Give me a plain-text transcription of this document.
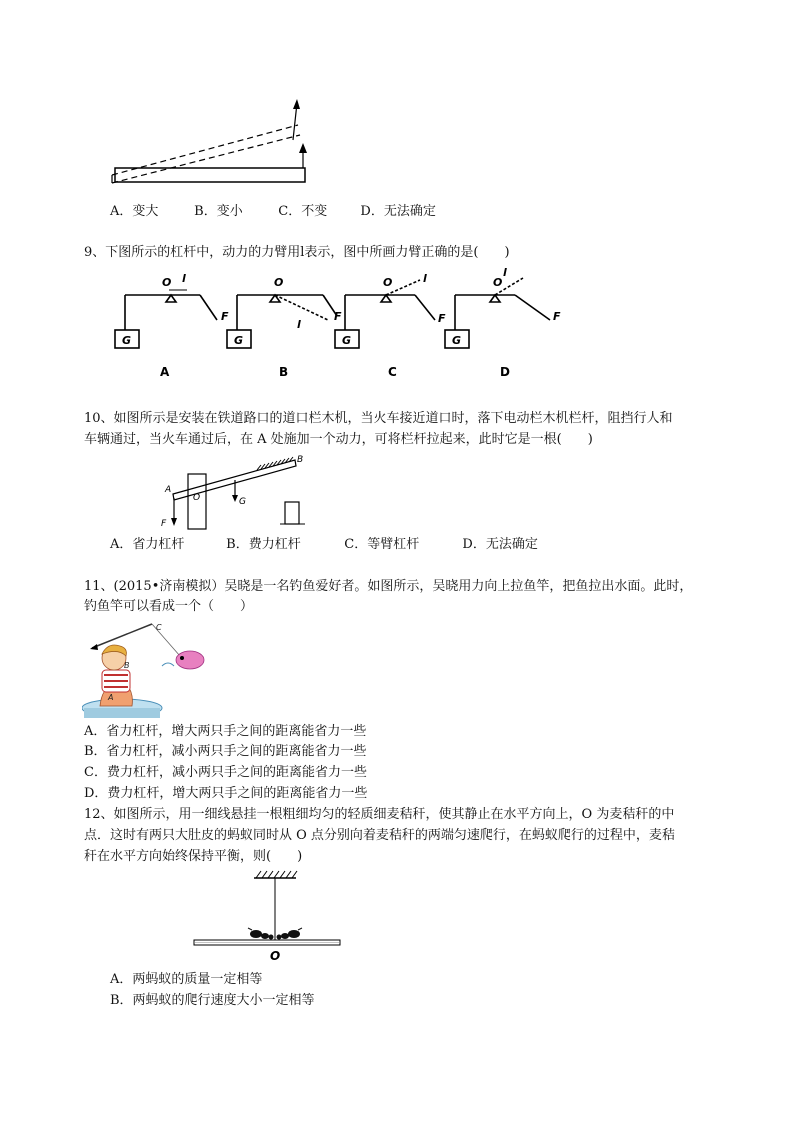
A．变大	B．变小	C．不变	D．无法确定
9、下图所示的杠杆中，动力的力臂用l表示，图中所画力臂正确的是(　　)
O l
F
G
O
l
F
G
O	l
F
G
O
l
F
G
A	B	C	D
10、如图所示是安装在铁道路口的道口栏木机，当火车接近道口时，落下电动栏木机栏杆，阻挡行人和
车辆通过，当火车通过后，在 A 处施加一个动力，可将栏杆拉起来，此时它是一根(　　)
A
B
O	G
F
A．省力杠杆	B．费力杠杆	C．等臂杠杆	D．无法确定
11、(2015•济南模拟）吴晓是一名钓鱼爱好者。如图所示，吴晓用力向上拉鱼竿，把鱼拉出水面。此时，
钓鱼竿可以看成一个（　　）
C
B
A
A．省力杠杆，增大两只手之间的距离能省力一些
B．省力杠杆，减小两只手之间的距离能省力一些
C．费力杠杆，减小两只手之间的距离能省力一些
D．费力杠杆，增大两只手之间的距离能省力一些
12、如图所示，用一细线悬挂一根粗细均匀的轻质细麦秸秆，使其静止在水平方向上，O 为麦秸秆的中
点．这时有两只大肚皮的蚂蚁同时从 O 点分别向着麦秸秆的两端匀速爬行，在蚂蚁爬行的过程中，麦秸
秆在水平方向始终保持平衡，则(　　)
O
A．两蚂蚁的质量一定相等
B．两蚂蚁的爬行速度大小一定相等
